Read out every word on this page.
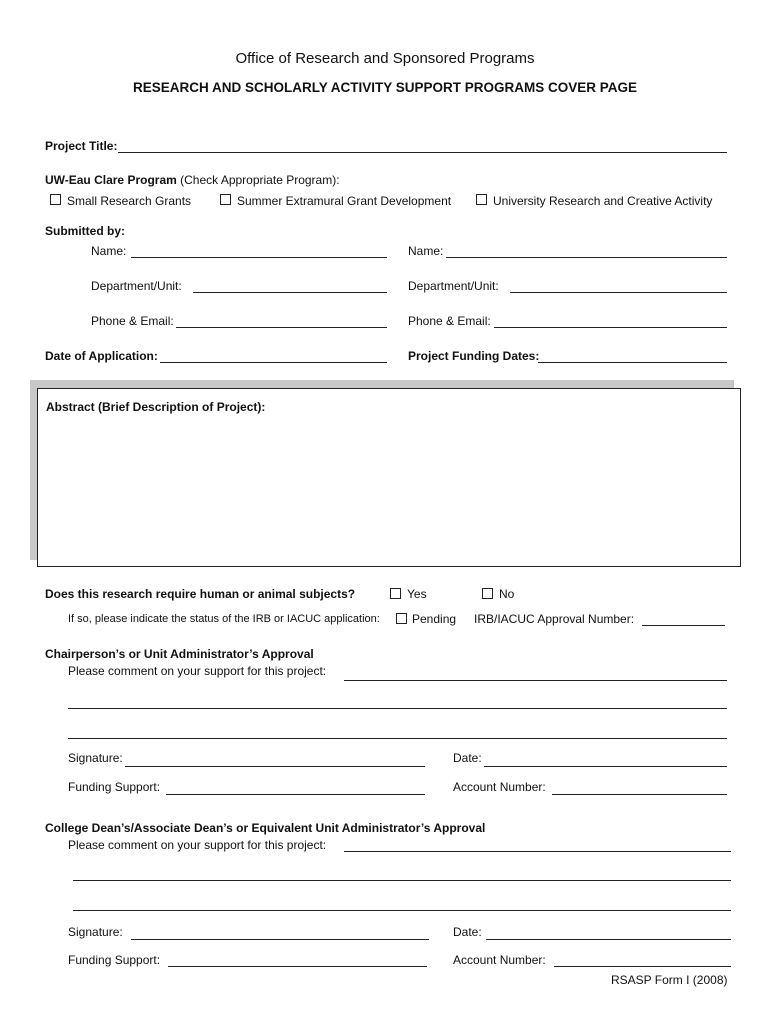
Office of Research and Sponsored Programs
RESEARCH AND SCHOLARLY ACTIVITY SUPPORT PROGRAMS COVER PAGE
Project Title:
UW-Eau Clare Program (Check Appropriate Program):
Small Research Grants	Summer Extramural Grant Development	University Research and Creative Activity
Submitted by:
Name:	Name:
Department/Unit:	Department/Unit:
Phone & Email:	Phone & Email:
Date of Application:	Project Funding Dates:
Abstract (Brief Description of Project):
Does this research require human or animal subjects?	Yes	No
If so, please indicate the status of the IRB or IACUC application:	Pending IRB/IACUC Approval Number:
Chairperson’s or Unit Administrator’s Approval
Please comment on your support for this project:
Signature:	Date:
Funding Support:	Account Number:
College Dean’s/Associate Dean’s or Equivalent Unit Administrator’s Approval
Please comment on your support for this project:
Signature:	Date:
Funding Support:	Account Number:
RSASP Form I (2008)
